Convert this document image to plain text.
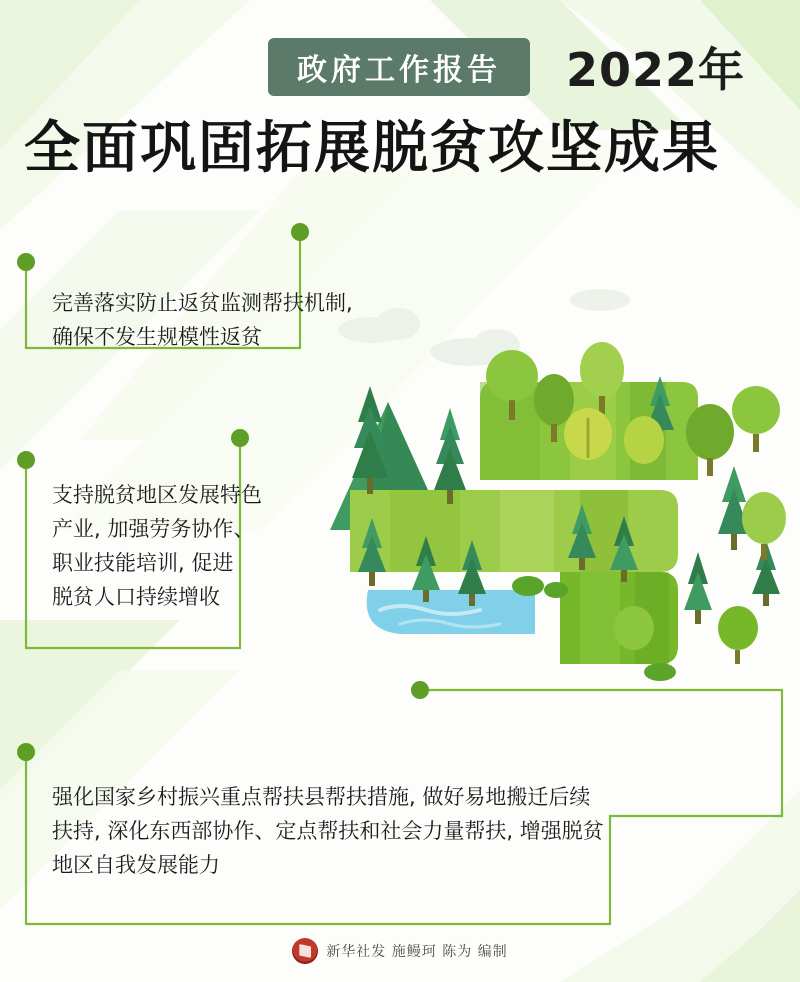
政府工作报告 2022年
全面巩固拓展脱贫攻坚成果

完善落实防止返贫监测帮扶机制,

确保不发生规模性返贫

支持脱贫地区发展特色

产业, 加强劳务协作、

职业技能培训, 促进

脱贫人口持续增收

强化国家乡村振兴重点帮扶县帮扶措施, 做好易地搬迁后续

扶持, 深化东西部协作、定点帮扶和社会力量帮扶, 增强脱贫

地区自我发展能力

新华社发 施鳗珂 陈为 编制
